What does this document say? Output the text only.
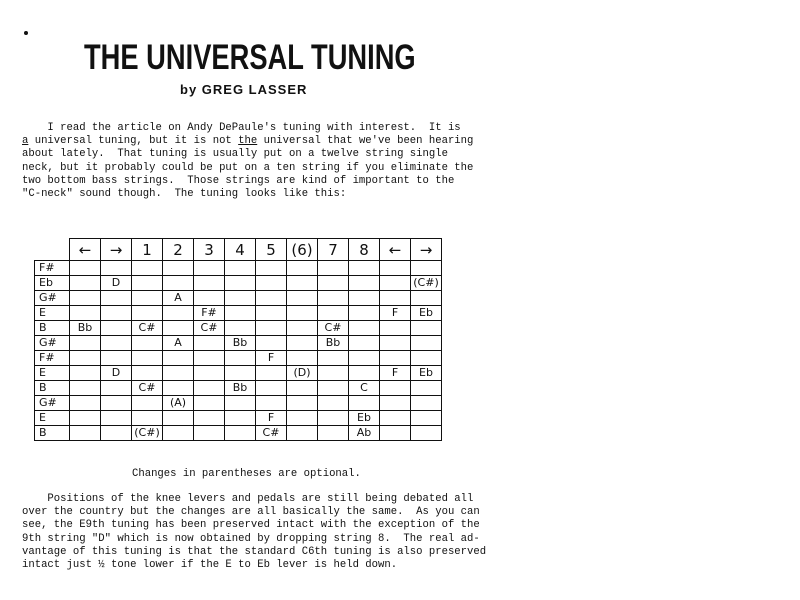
THE UNIVERSAL TUNING
by GREG LASSER
I read the article on Andy DePaule's tuning with interest.  It is
a universal tuning, but it is not the universal that we've been hearing
about lately.  That tuning is usually put on a twelve string single
neck, but it probably could be put on a ten string if you eliminate the
two bottom bass strings.  Those strings are kind of important to the
"C-neck" sound though.  The tuning looks like this:
	←	→	1	2	3	4	5	(6)	7	8	←	→
F#												
Eb		D										(C#)
G#				A								
E					F#						F	Eb
B	Bb		C#		C#				C#			
G#				A		Bb			Bb			
F#							F					
E		D						(D)			F	Eb
B			C#			Bb				C		
G#				(A)								
E							F			Eb		
B			(C#)				C#			Ab		
Changes in parentheses are optional.
Positions of the knee levers and pedals are still being debated all
over the country but the changes are all basically the same.  As you can
see, the E9th tuning has been preserved intact with the exception of the
9th string "D" which is now obtained by dropping string 8.  The real ad-
vantage of this tuning is that the standard C6th tuning is also preserved
intact just ½ tone lower if the E to Eb lever is held down.
